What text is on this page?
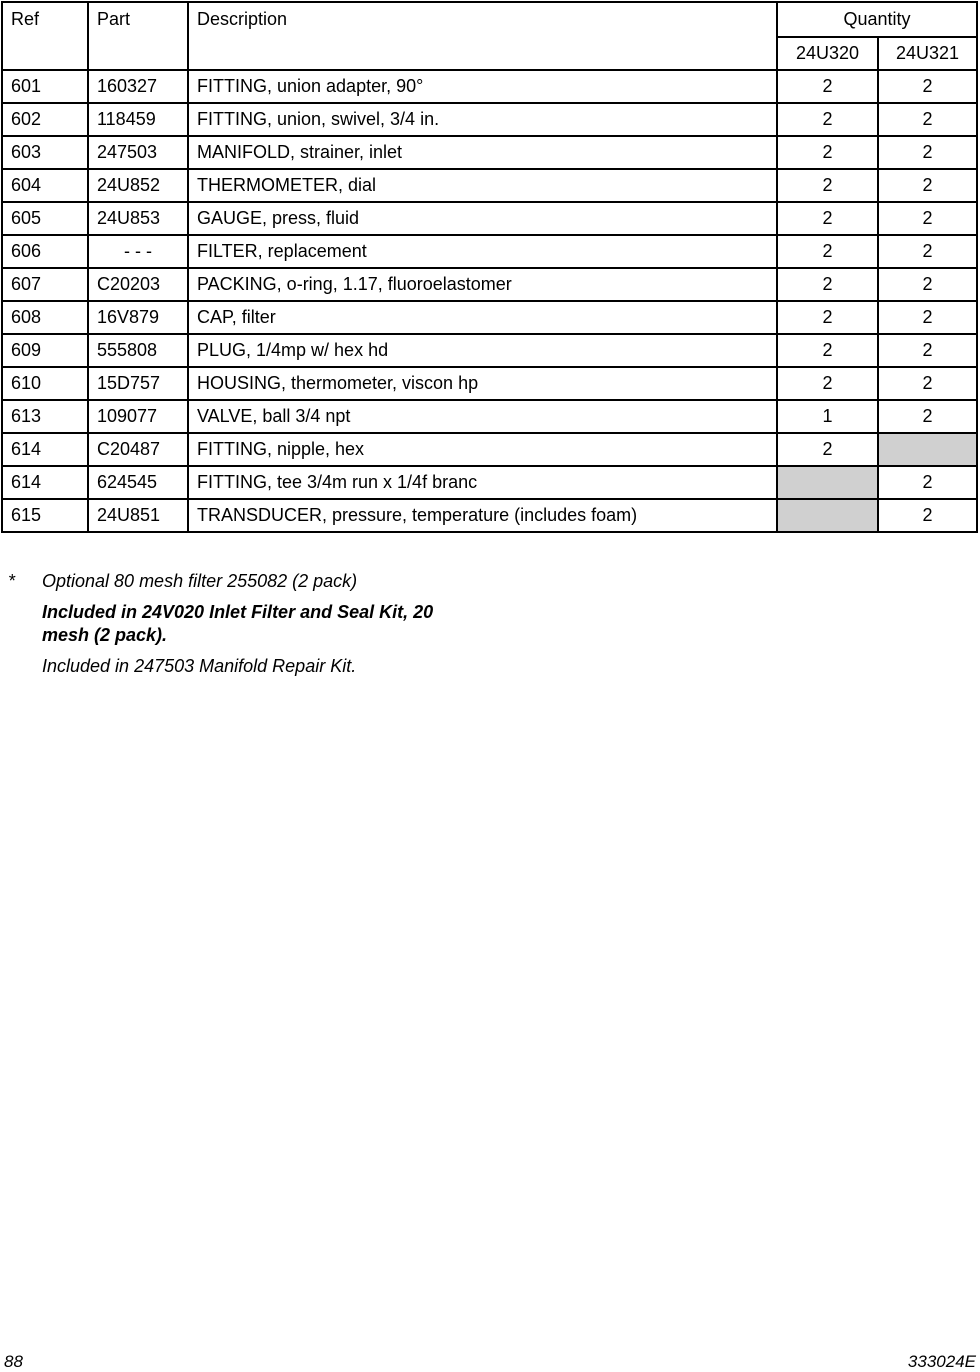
Ref	Part	Description	Quantity	
			24U320	24U321
601	160327	FITTING, union adapter, 90°	2	2
602	118459	FITTING, union, swivel, 3/4 in.	2	2
603	247503	MANIFOLD, strainer, inlet	2	2
604	24U852	THERMOMETER, dial	2	2
605	24U853	GAUGE, press, fluid	2	2
606	- - -	FILTER, replacement	2	2
607	C20203	PACKING, o-ring, 1.17, fluoroelastomer	2	2
608	16V879	CAP, filter	2	2
609	555808	PLUG, 1/4mp w/ hex hd	2	2
610	15D757	HOUSING, thermometer, viscon hp	2	2
613	109077	VALVE, ball 3/4 npt	1	2
614	C20487	FITTING, nipple, hex	2	
614	624545	FITTING, tee 3/4m run x 1/4f branc		2
615	24U851	TRANSDUCER, pressure, temperature (includes foam)		2
*	Optional 80 mesh filter 255082 (2 pack)
Included in 24V020 Inlet Filter and Seal Kit, 20 mesh (2 pack).
Included in 247503 Manifold Repair Kit.
88	333024E
